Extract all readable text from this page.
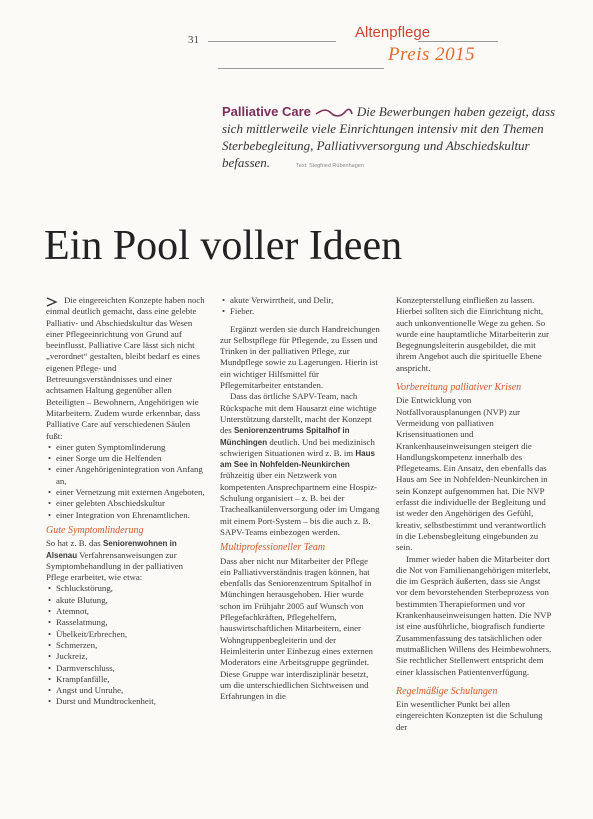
31	Altenpflege
Preis 2015
Palliative Care	Die Bewerbungen haben gezeigt, dass sich mittlerweile viele Einrichtungen intensiv mit den Themen Sterbebegleitung, Palliativversorgung und Abschiedskultur befassen.	Text: Siegfried Rübenhagen
Ein Pool voller Ideen

Die eingereichten Konzepte haben noch einmal deutlich gemacht, dass eine gelebte Palliativ- und Abschiedskultur das Wesen einer Pflegeeinrichtung von Grund auf beeinflusst. Palliative Care lässt sich nicht „verordnet“ gestalten, bleibt bedarf es eines eigenen Pflege- und Betreuungsverständnisses und einer achtsamen Haltung gegenüber allen Beteiligten – Bewohnern, Angehörigen wie Mitarbeitern. Zudem wurde erkennbar, dass Palliative Care auf verschiedenen Säulen fußt:

• einer guten Symptomlinderung
• einer Sorge um die Helfenden
• einer Angehörigenintegration von Anfang an,
• einer Vernetzung mit externen Angeboten,
• einer gelebten Abschiedskultur
• einer Integration von Ehrenamtlichen.
Gute Symptomlinderung

So hat z. B. das Seniorenwohnen in Alsenau Verfahrensanweisungen zur Symptombehandlung in der palliativen Pflege erarbeitet, wie etwa:

• Schluckstörung,
• akute Blutung,
• Atemnot,
• Rasselatmung,
• Übelkeit/Erbrechen,
• Schmerzen,
• Juckreiz,
• Darmverschluss,
• Krampfanfälle,
• Angst und Unruhe,
• Durst und Mundtrockenheit,
• akute Verwirrtheit, und Delir,
• Fieber.

Ergänzt werden sie durch Handreichungen zur Selbstpflege für Pflegende, zu Essen und Trinken in der palliativen Pflege, zur Mundpflege sowie zu Lagerungen. Hierin ist ein wichtiger Hilfsmittel für Pflegemitarbeiter entstanden.

Dass das örtliche SAPV-Team, nach Rückspache mit dem Hausarzt eine wichtige Unterstützung darstellt, macht der Konzept des Seniorenzentrums Spitalhof in Münchingen deutlich. Und bei medizinisch schwierigen Situationen wird z. B. im Haus am See in Nohfelden-Neunkirchen frühzeitig über ein Netzwerk von kompetenten Ansprechpartnern eine Hospiz-Schulung organisiert – z. B. bei der Trachealkanülenversorgung oder im Umgang mit einem Port-System – bis die auch z. B. SAPV-Teams einbezogen werden.

Multiprofessioneller Team

Dass aber nicht nur Mitarbeiter der Pflege ein Palliativverständnis tragen können, hat ebenfalls das Seniorenzentrum Spitalhof in Münchingen herausgehoben. Hier wurde schon im Frühjahr 2005 auf Wunsch von Pflegefachkräften, Pflegehelfern, hauswirtschaftlichen Mitarbeitern, einer Wohngruppenbegleiterin und der Heimleiterin unter Einbezug eines externen Moderators eine Arbeitsgruppe gegründet. Diese Gruppe war interdisziplinär besetzt, um die unterschiedlichen Sichtweisen und Erfahrungen in die

Konzepterstellung einfließen zu lassen. Hierbei sollten sich die Einrichtung nicht, auch unkonventionelle Wege zu gehen. So wurde eine hauptamtliche Mitarbeiterin zur Begegnungsleiterin ausgebildet, die mit ihrem Angebot auch die spirituelle Ebene anspricht.

Vorbereitung palliativer Krisen

Die Entwicklung von Notfallvorausplanungen (NVP) zur Vermeidung von palliativen Krisensituationen und Krankenhauseinweisungen steigert die Handlungskompetenz innerhalb des Pflegeteams. Ein Ansatz, den ebenfalls das Haus am See in Nohfelden-Neunkirchen in sein Konzept aufgenommen hat. Die NVP erfasst die individuelle der Begleitung und ist weder den Angehörigen des Gefühl, kreativ, selbstbestimmt und verantwortlich in die Lebensbegleitung eingebunden zu sein.

Immer wieder haben die Mitarbeiter dort die Not von Familienangehörigen miterlebt, die im Gespräch äußerten, dass sie Angst vor dem bevorstehenden Sterbeprozess von bestimmten Therapieformen und vor Krankenhauseinweisungen hatten. Die NVP ist eine ausführliche, biografisch fundierte Zusammenfassung des tatsächlichen oder mutmaßlichen Willens des Heimbewohners. Sie rechtlicher Stellenwert entspricht dem einer klassischen Patientenverfügung.

Regelmäßige Schulungen

Ein wesentlicher Punkt bei allen eingereichten Konzepten ist die Schulung der
